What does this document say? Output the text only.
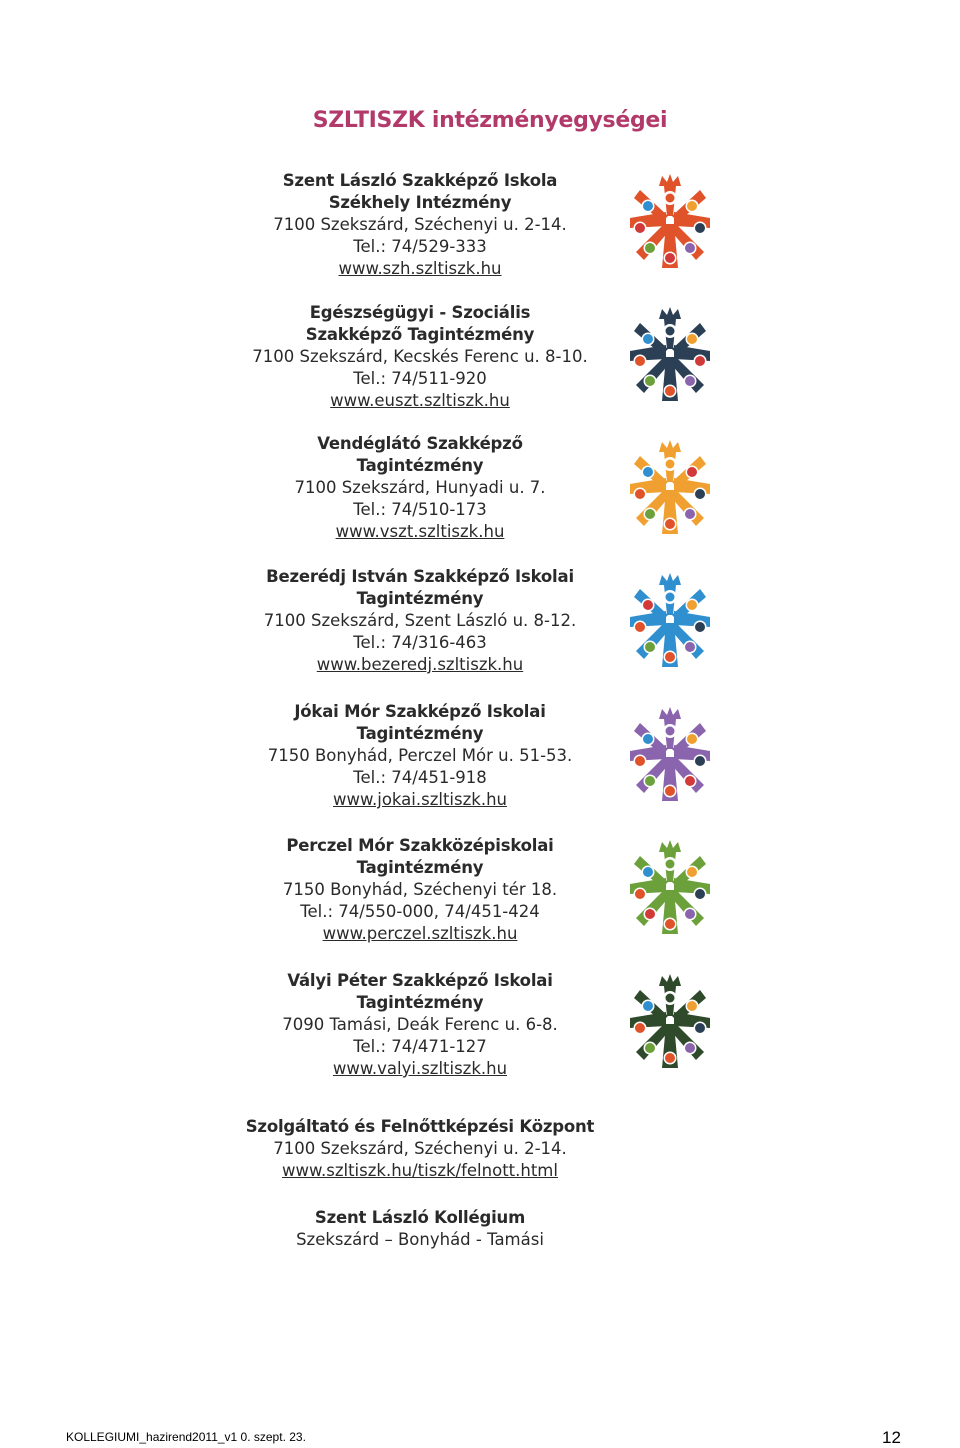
SZLTISZK intézményegységei
Szent László Szakképző Iskola
Székhely Intézmény
7100 Szekszárd, Széchenyi u. 2-14.
Tel.: 74/529-333
www.szh.szltiszk.hu
Egészségügyi - Szociális
Szakképző Tagintézmény
7100 Szekszárd, Kecskés Ferenc u. 8-10.
Tel.: 74/511-920
www.euszt.szltiszk.hu
Vendéglátó Szakképző
Tagintézmény
7100 Szekszárd, Hunyadi u. 7.
Tel.: 74/510-173
www.vszt.szltiszk.hu
Bezerédj István Szakképző Iskolai
Tagintézmény
7100 Szekszárd, Szent László u. 8-12.
Tel.: 74/316-463
www.bezeredj.szltiszk.hu
Jókai Mór Szakképző Iskolai
Tagintézmény
7150 Bonyhád, Perczel Mór u. 51-53.
Tel.: 74/451-918
www.jokai.szltiszk.hu
Perczel Mór Szakközépiskolai
Tagintézmény
7150 Bonyhád, Széchenyi tér 18.
Tel.: 74/550-000, 74/451-424
www.perczel.szltiszk.hu
Vályi Péter Szakképző Iskolai
Tagintézmény
7090 Tamási, Deák Ferenc u. 6-8.
Tel.: 74/471-127
www.valyi.szltiszk.hu
Szolgáltató és Felnőttképzési Központ
7100 Szekszárd, Széchenyi u. 2-14.
www.szltiszk.hu/tiszk/felnott.html
Szent László Kollégium
Szekszárd – Bonyhád - Tamási
KOLLEGIUMI_hazirend2011_v1 0. szept. 23.	12
